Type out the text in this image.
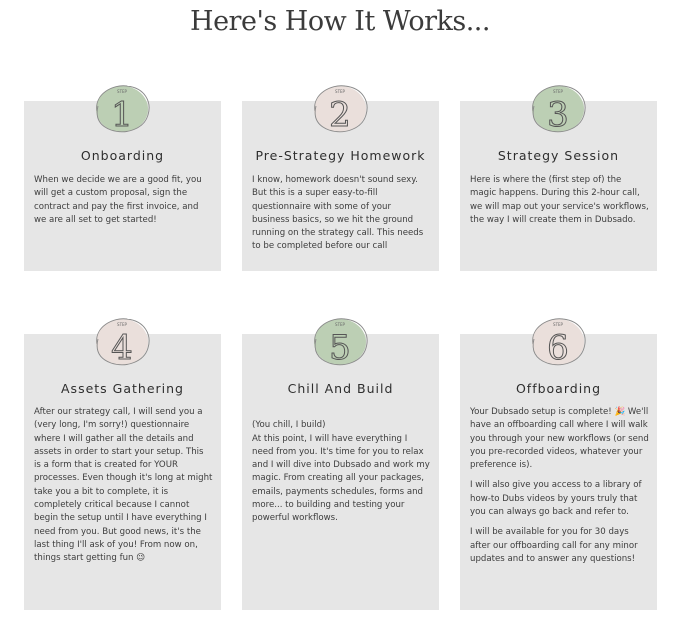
Here's How It Works...
Onboarding

When we decide we are a good fit, you will get a custom proposal, sign the contract and pay the first invoice, and we are all set to get started!

STEP
1
Pre-Strategy Homework

I know, homework doesn't sound sexy. But this is a super easy-to-fill questionnaire with some of your business basics, so we hit the ground running on the strategy call. This needs to be completed before our call

STEP
2
Strategy Session

Here is where the (first step of) the magic happens. During this 2-hour call, we will map out your service's workflows, the way I will create them in Dubsado.

STEP
3
Assets Gathering

After our strategy call, I will send you a (very long, I'm sorry!) questionnaire where I will gather all the details and assets in order to start your setup. This is a form that is created for YOUR processes. Even though it's long at might take you a bit to complete, it is completely critical because I cannot begin the setup until I have everything I need from you. But good news, it's the last thing I'll ask of you! From now on, things start getting fun 😉

STEP
4
Chill And Build

(You chill, I build)
At this point, I will have everything I need from you. It's time for you to relax and I will dive into Dubsado and work my magic. From creating all your packages, emails, payments schedules, forms and more... to building and testing your powerful workflows.

STEP
5
Offboarding

Your Dubsado setup is complete! 🎉 We'll have an offboarding call where I will walk you through your new workflows (or send you pre-recorded videos, whatever your preference is).

I will also give you access to a library of how-to Dubs videos by yours truly that you can always go back and refer to.

I will be available for you for 30 days after our offboarding call for any minor updates and to answer any questions!

STEP
6
